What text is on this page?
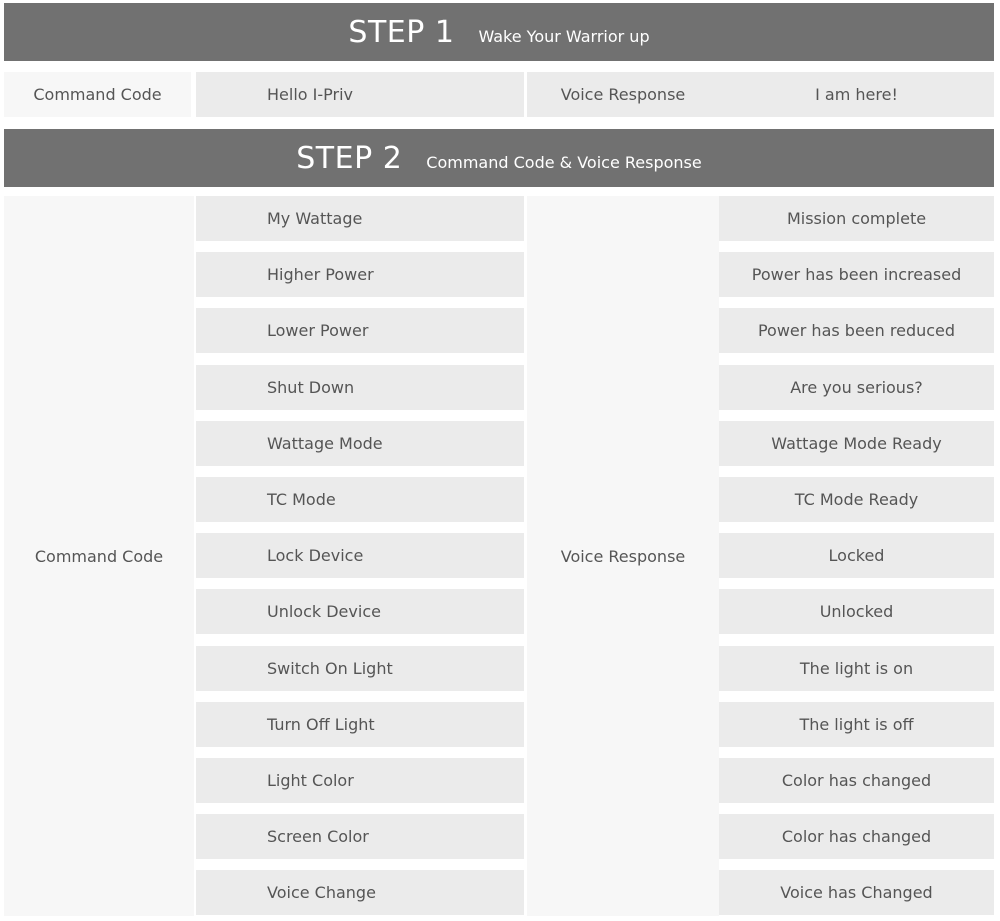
STEP 1 Wake Your Warrior up
Command Code	Hello I-Priv	Voice Response	I am here!
STEP 2 Command Code & Voice Response
Command Code	Voice Response
My Wattage	Mission complete
Higher Power	Power has been increased
Lower Power	Power has been reduced
Shut Down	Are you serious?
Wattage Mode	Wattage Mode Ready
TC Mode	TC Mode Ready
Lock Device	Locked
Unlock Device	Unlocked
Switch On Light	The light is on
Turn Off Light	The light is off
Light Color	Color has changed
Screen Color	Color has changed
Voice Change	Voice has Changed
